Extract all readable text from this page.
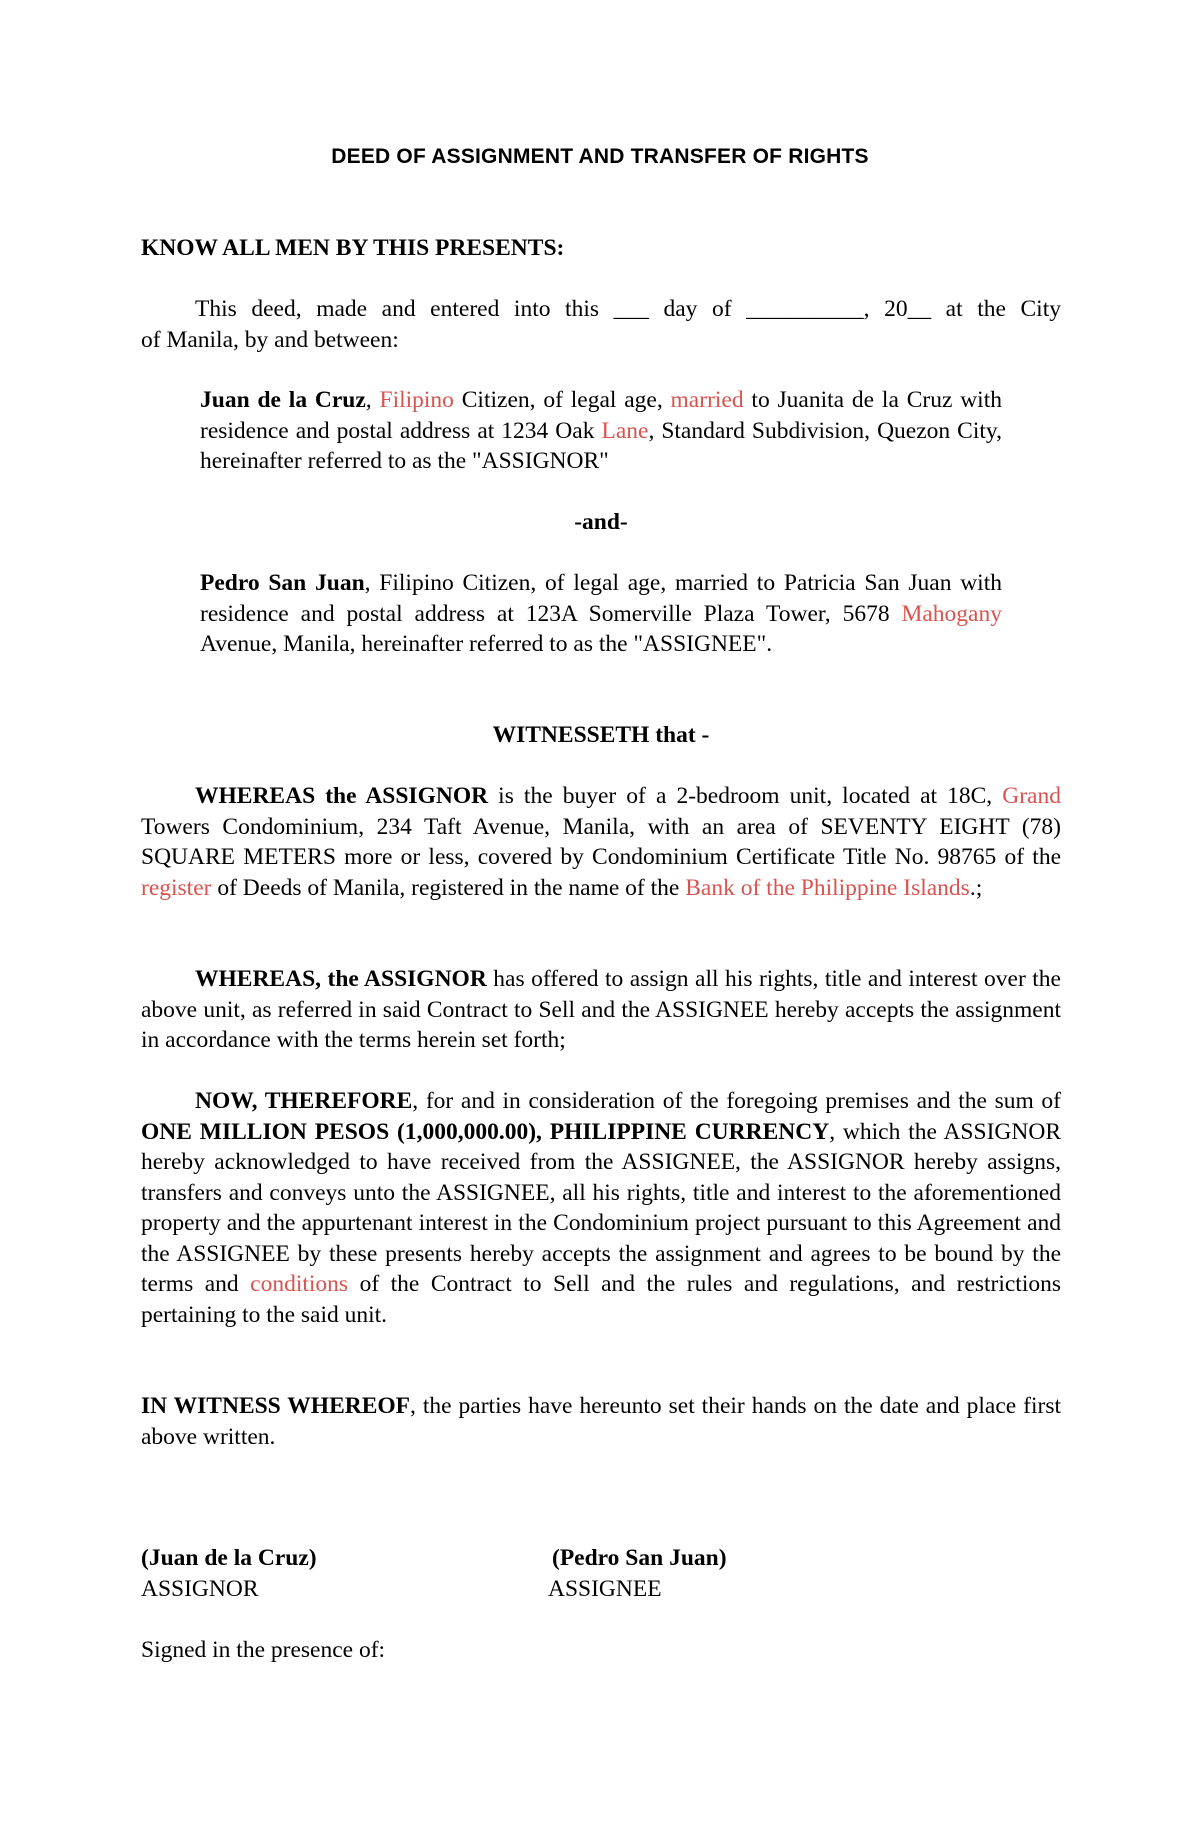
DEED OF ASSIGNMENT AND TRANSFER OF RIGHTS
KNOW ALL MEN BY THIS PRESENTS:

This deed, made and entered into this ___ day of __________, 20__ at the City

of Manila, by and between:

Juan de la Cruz, Filipino Citizen, of legal age, married to Juanita de la Cruz with residence and postal address at 1234 Oak Lane, Standard Subdivision, Quezon City, hereinafter referred to as the "ASSIGNOR"
-and-
Pedro San Juan, Filipino Citizen, of legal age, married to Patricia San Juan with residence and postal address at 123A Somerville Plaza Tower, 5678 Mahogany Avenue, Manila, hereinafter referred to as the "ASSIGNEE".
WITNESSETH that -
WHEREAS the ASSIGNOR is the buyer of a 2-bedroom unit, located at 18C, Grand Towers Condominium, 234 Taft Avenue, Manila, with an area of SEVENTY EIGHT (78) SQUARE METERS more or less, covered by Condominium Certificate Title No. 98765 of the register of Deeds of Manila, registered in the name of the Bank of the Philippine Islands.;
WHEREAS, the ASSIGNOR has offered to assign all his rights, title and interest over the above unit, as referred in said Contract to Sell and the ASSIGNEE hereby accepts the assignment in accordance with the terms herein set forth;
NOW, THEREFORE, for and in consideration of the foregoing premises and the sum of ONE MILLION PESOS (1,000,000.00), PHILIPPINE CURRENCY, which the ASSIGNOR hereby acknowledged to have received from the ASSIGNEE, the ASSIGNOR hereby assigns, transfers and conveys unto the ASSIGNEE, all his rights, title and interest to the aforementioned property and the appurtenant interest in the Condominium project pursuant to this Agreement and the ASSIGNEE by these presents hereby accepts the assignment and agrees to be bound by the terms and conditions of the Contract to Sell and the rules and regulations, and restrictions pertaining to the said unit.
IN WITNESS WHEREOF, the parties have hereunto set their hands on the date and place first above written.

(Juan de la Cruz)

ASSIGNOR

(Pedro San Juan)

ASSIGNEE

Signed in the presence of:
